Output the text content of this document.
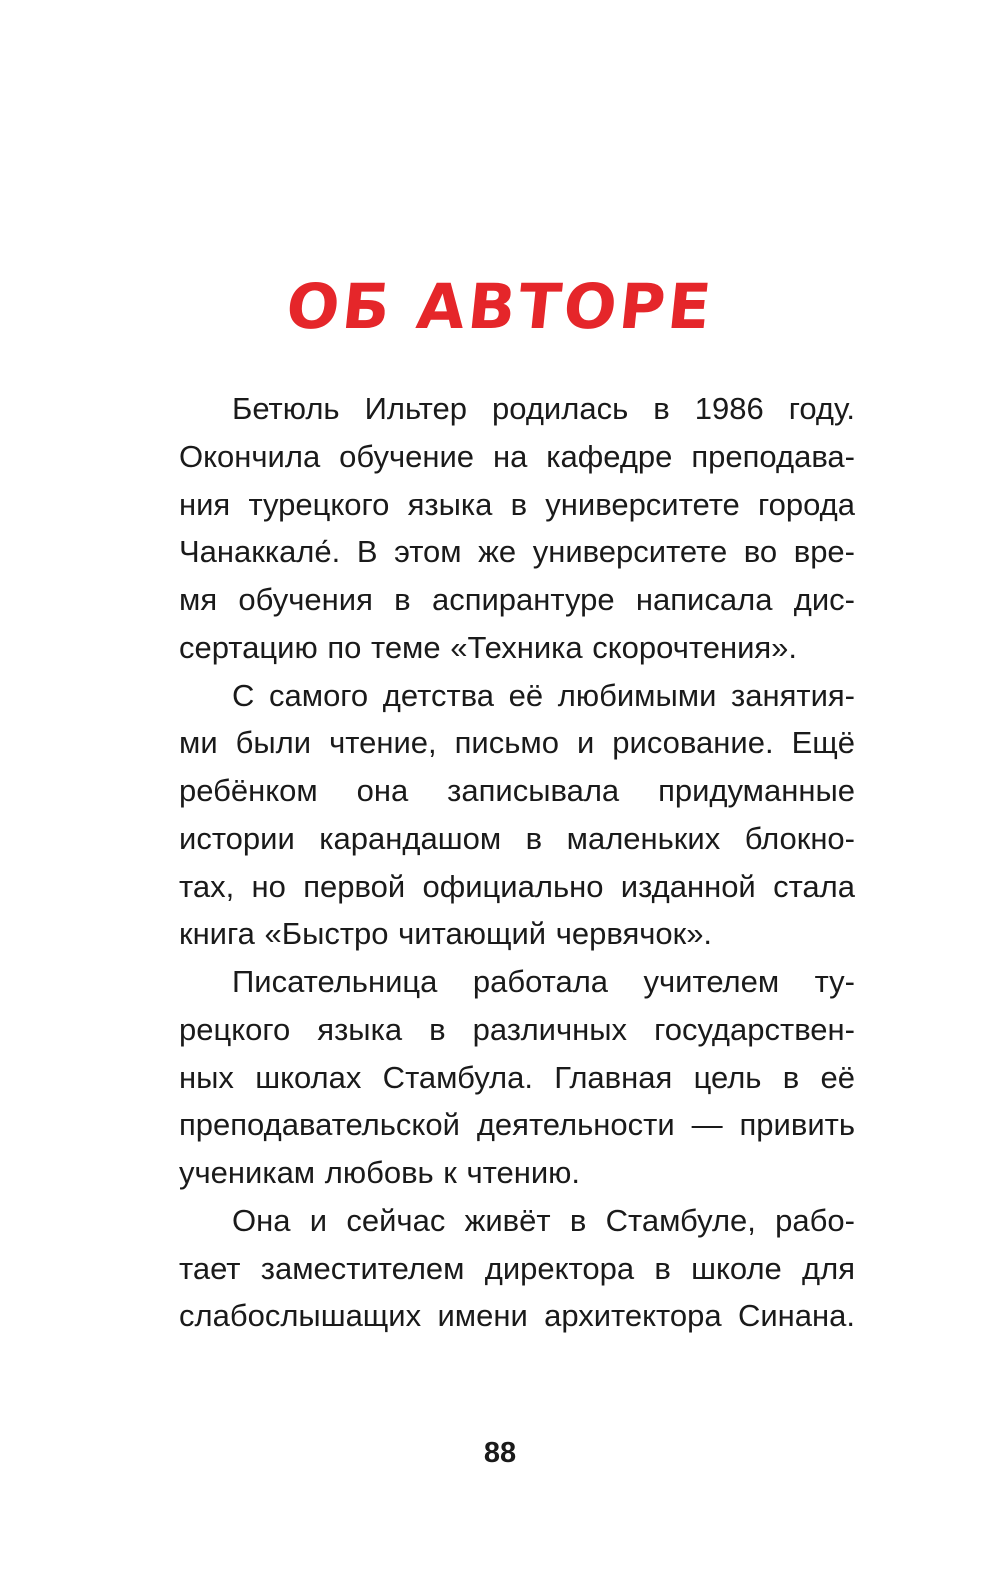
ОБ АВТОРЕ
Бетюль Ильтер родилась в 1986 году.
Окончила обучение на кафедре преподава-
ния турецкого языка в университете города
Чанаккале́. В этом же университете во вре-
мя обучения в аспирантуре написала дис-
сертацию по теме «Техника скорочтения».
С самого детства её любимыми занятия-
ми были чтение, письмо и рисование. Ещё
ребёнком она записывала придуманные
истории карандашом в маленьких блокно-
тах, но первой официально изданной стала
книга «Быстро читающий червячок».
Писательница работала учителем ту-
рецкого языка в различных государствен-
ных школах Стамбула. Главная цель в её
преподавательской деятельности — привить
ученикам любовь к чтению.
Она и сейчас живёт в Стамбуле, рабо-
тает заместителем директора в школе для
слабослышащих имени архитектора Синана.
88
